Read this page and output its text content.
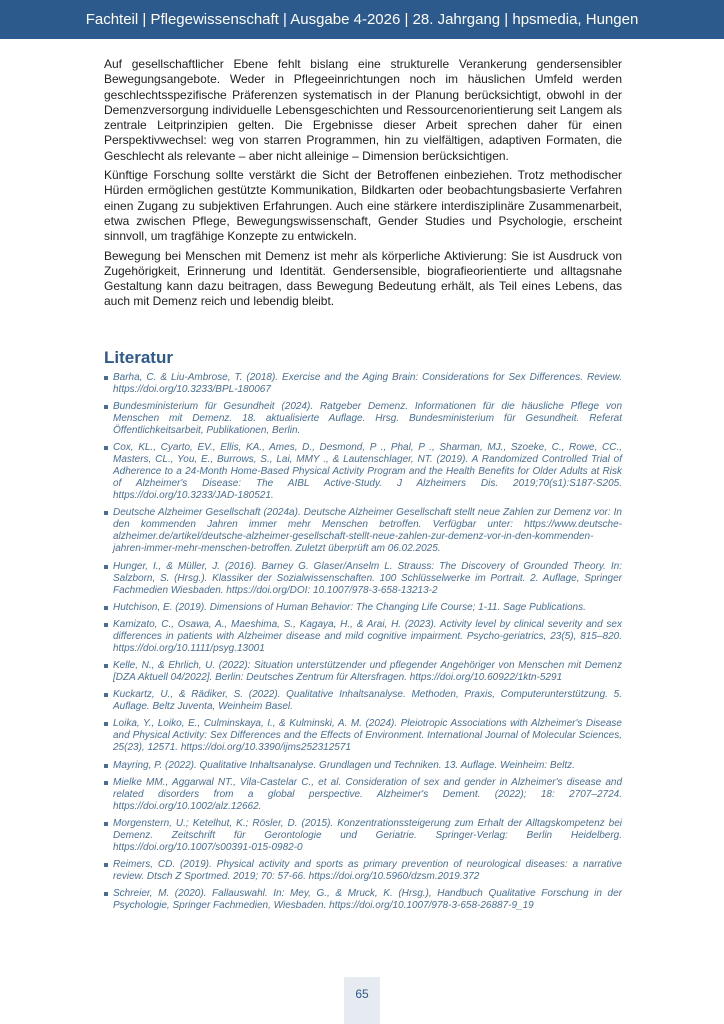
Fachteil | Pflegewissenschaft | Ausgabe 4-2026 | 28. Jahrgang | hpsmedia, Hungen

Auf gesellschaftlicher Ebene fehlt bislang eine strukturelle Verankerung gendersensibler Bewegungsangebote. Weder in Pflegeeinrichtungen noch im häuslichen Umfeld werden geschlechtsspezifische Präferenzen systematisch in der Planung berücksichtigt, obwohl in der Demenzversorgung individuelle Lebensgeschichten und Ressourcenorientierung seit Langem als zentrale Leitprinzipien gelten. Die Ergebnisse dieser Arbeit sprechen daher für einen Perspektivwechsel: weg von starren Programmen, hin zu vielfältigen, adaptiven Formaten, die Geschlecht als relevante – aber nicht alleinige – Dimension berücksichtigen.

Künftige Forschung sollte verstärkt die Sicht der Betroffenen einbeziehen. Trotz methodischer Hürden ermöglichen gestützte Kommunikation, Bildkarten oder beobachtungsbasierte Verfahren einen Zugang zu subjektiven Erfahrungen. Auch eine stärkere interdisziplinäre Zusammenarbeit, etwa zwischen Pflege, Bewegungswissenschaft, Gender Studies und Psychologie, erscheint sinnvoll, um tragfähige Konzepte zu entwickeln.

Bewegung bei Menschen mit Demenz ist mehr als körperliche Aktivierung: Sie ist Ausdruck von Zugehörigkeit, Erinnerung und Identität. Gendersensible, biografieorientierte und alltagsnahe Gestaltung kann dazu beitragen, dass Bewegung Bedeutung erhält, als Teil eines Lebens, das auch mit Demenz reich und lebendig bleibt.

Literatur
Barha, C. & Liu-Ambrose, T. (2018). Exercise and the Aging Brain: Considerations for Sex Differences. Review. https://doi.org/10.3233/BPL-180067
Bundesministerium für Gesundheit (2024). Ratgeber Demenz. Informationen für die häusliche Pflege von Menschen mit Demenz. 18. aktualisierte Auflage. Hrsg. Bundesministerium für Gesundheit. Referat Öffentlichkeitsarbeit, Publikationen, Berlin.
Cox, KL., Cyarto, EV., Ellis, KA., Ames, D., Desmond, P ., Phal, P ., Sharman, MJ., Szoeke, C., Rowe, CC., Masters, CL., You, E., Burrows, S., Lai, MMY ., & Lautenschlager, NT. (2019). A Randomized Controlled Trial of Adherence to a 24-Month Home-Based Physical Activity Program and the Health Benefits for Older Adults at Risk of Alzheimer's Disease: The AIBL Active-Study. J Alzheimers Dis. 2019;70(s1):S187-S205. https://doi.org/10.3233/JAD-180521.
Deutsche Alzheimer Gesellschaft (2024a). Deutsche Alzheimer Gesellschaft stellt neue Zahlen zur Demenz vor: In den kommenden Jahren immer mehr Menschen betroffen. Verfügbar unter: https://www.deutsche-alzheimer.de/artikel/deutsche-alzheimer-gesellschaft-stellt-neue-zahlen-zur-demenz-vor-in-den-kommenden-jahren-immer-mehr-menschen-betroffen. Zuletzt überprüft am 06.02.2025.
Hunger, I., & Müller, J. (2016). Barney G. Glaser/Anselm L. Strauss: The Discovery of Grounded Theory. In: Salzborn, S. (Hrsg.). Klassiker der Sozialwissenschaften. 100 Schlüsselwerke im Portrait. 2. Auflage, Springer Fachmedien Wiesbaden. https://doi.org/DOI: 10.1007/978-3-658-13213-2
Hutchison, E. (2019). Dimensions of Human Behavior: The Changing Life Course; 1-11. Sage Publications.
Kamizato, C., Osawa, A., Maeshima, S., Kagaya, H., & Arai, H. (2023). Activity level by clinical severity and sex differences in patients with Alzheimer disease and mild cognitive impairment. Psycho-geriatrics, 23(5), 815–820. https://doi.org/10.1111/psyg.13001
Kelle, N., & Ehrlich, U. (2022): Situation unterstützender und pflegender Angehöriger von Menschen mit Demenz [DZA Aktuell 04/2022]. Berlin: Deutsches Zentrum für Altersfragen. https://doi.org/10.60922/1ktn-5291
Kuckartz, U., & Rädiker, S. (2022). Qualitative Inhaltsanalyse. Methoden, Praxis, Computerunterstützung. 5. Auflage. Beltz Juventa, Weinheim Basel.
Loika, Y., Loiko, E., Culminskaya, I., & Kulminski, A. M. (2024). Pleiotropic Associations with Alzheimer's Disease and Physical Activity: Sex Differences and the Effects of Environment. International Journal of Molecular Sciences, 25(23), 12571. https://doi.org/10.3390/ijms252312571
Mayring, P. (2022). Qualitative Inhaltsanalyse. Grundlagen und Techniken. 13. Auflage. Weinheim: Beltz.
Mielke MM., Aggarwal NT., Vila-Castelar C., et al. Consideration of sex and gender in Alzheimer's disease and related disorders from a global perspective. Alzheimer's Dement. (2022); 18: 2707–2724. https://doi.org/10.1002/alz.12662.
Morgenstern, U.; Ketelhut, K.; Rösler, D. (2015). Konzentrationssteigerung zum Erhalt der Alltagskompetenz bei Demenz. Zeitschrift für Gerontologie und Geriatrie. Springer-Verlag: Berlin Heidelberg. https://doi.org/10.1007/s00391-015-0982-0
Reimers, CD. (2019). Physical activity and sports as primary prevention of neurological diseases: a narrative review. Dtsch Z Sportmed. 2019; 70: 57-66. https://doi.org/10.5960/dzsm.2019.372
Schreier, M. (2020). Fallauswahl. In: Mey, G., & Mruck, K. (Hrsg.), Handbuch Qualitative Forschung in der Psychologie, Springer Fachmedien, Wiesbaden. https://doi.org/10.1007/978-3-658-26887-9_19
65
